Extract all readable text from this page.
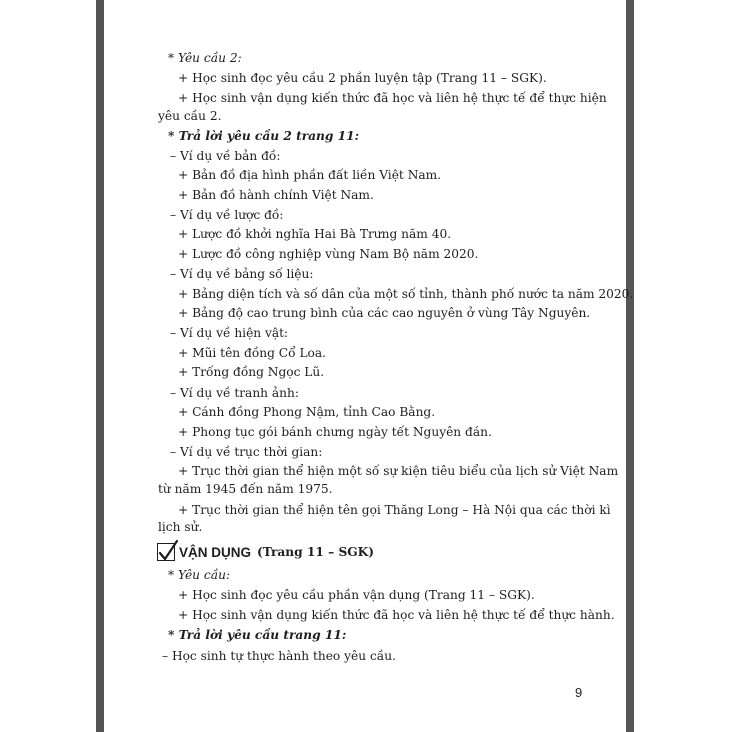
* Yêu cầu 2:
+ Học sinh đọc yêu cầu 2 phần luyện tập (Trang 11 – SGK).
+ Học sinh vận dụng kiến thức đã học và liên hệ thực tế để thực hiện
yêu cầu 2.
* Trả lời yêu cầu 2 trang 11:
– Ví dụ về bản đồ:
+ Bản đồ địa hình phần đất liền Việt Nam.
+ Bản đồ hành chính Việt Nam.
– Ví dụ về lược đồ:
+ Lược đồ khởi nghĩa Hai Bà Trưng năm 40.
+ Lược đồ công nghiệp vùng Nam Bộ năm 2020.
– Ví dụ về bảng số liệu:
+ Bảng diện tích và số dân của một số tỉnh, thành phố nước ta năm 2020.
+ Bảng độ cao trung bình của các cao nguyên ở vùng Tây Nguyên.
– Ví dụ về hiện vật:
+ Mũi tên đồng Cổ Loa.
+ Trống đồng Ngọc Lũ.
– Ví dụ về tranh ảnh:
+ Cánh đồng Phong Nậm, tỉnh Cao Bằng.
+ Phong tục gói bánh chưng ngày tết Nguyên đán.
– Ví dụ về trục thời gian:
+ Trục thời gian thể hiện một số sự kiện tiêu biểu của lịch sử Việt Nam
từ năm 1945 đến năm 1975.
+ Trục thời gian thể hiện tên gọi Thăng Long – Hà Nội qua các thời kì
lịch sử.
VẬN DỤNG (Trang 11 – SGK)
* Yêu cầu:
+ Học sinh đọc yêu cầu phần vận dụng (Trang 11 – SGK).
+ Học sinh vận dụng kiến thức đã học và liên hệ thực tế để thực hành.
* Trả lời yêu cầu trang 11:
– Học sinh tự thực hành theo yêu cầu.
9
